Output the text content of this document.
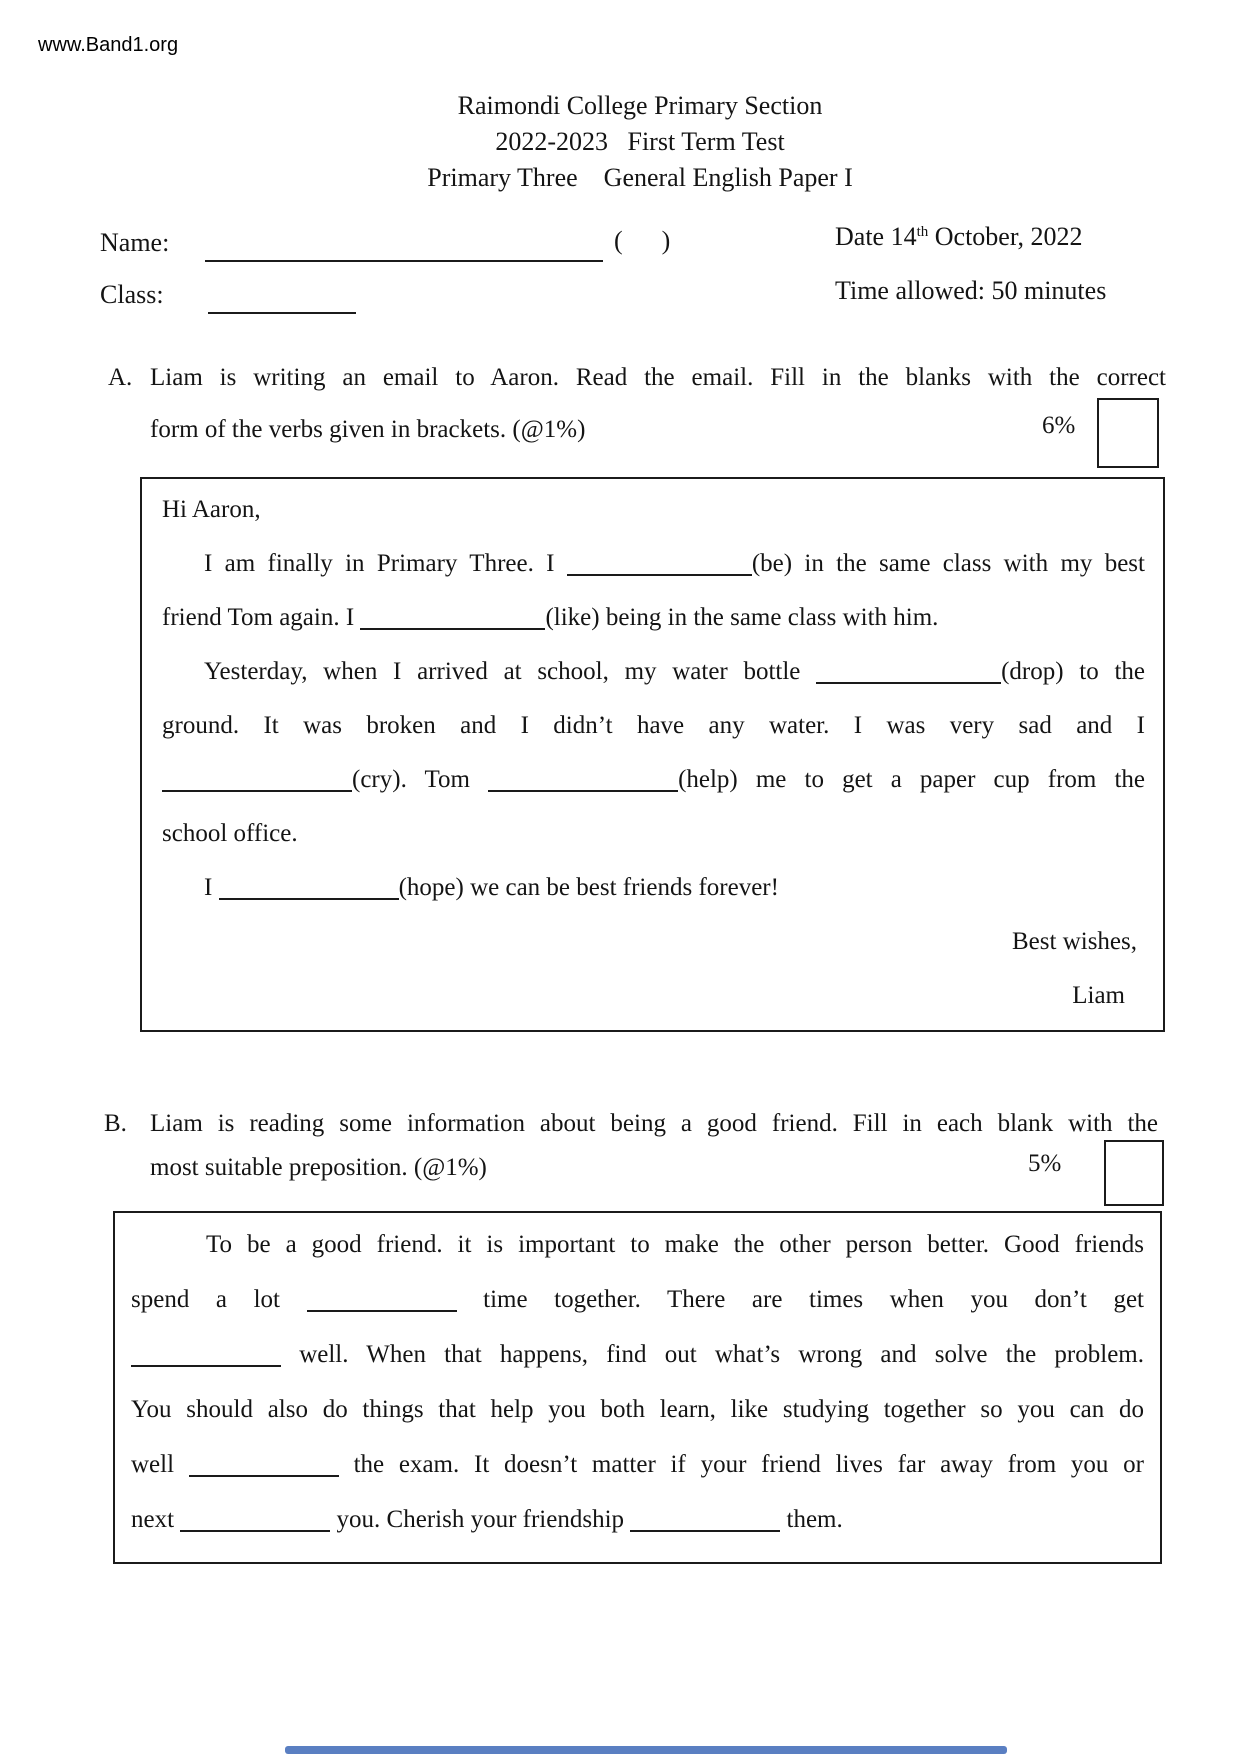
www.Band1.org
Raimondi College Primary Section
2022-2023   First Term Test
Primary Three    General English Paper I
Name:	(      )	Date 14th October, 2022
Class:	Time allowed: 50 minutes
A. Liam is writing an email to Aaron. Read the email. Fill in the blanks with the correct
form of the verbs given in brackets. (@1%)	6%
Hi Aaron,
I am finally in Primary Three. I	(be) in the same class with my best
friend Tom again. I	(like) being in the same class with him.
Yesterday, when I arrived at school, my water bottle	(drop) to the
ground. It was broken and I didn’t have any water. I was very sad and I
(cry). Tom	(help) me to get a paper cup from the
school office.
I	(hope) we can be best friends forever!
Best wishes,
Liam
B. Liam is reading some information about being a good friend. Fill in each blank with the
most suitable preposition. (@1%)	5%
To be a good friend. it is important to make the other person better. Good friends
spend a lot	time together. There are times when you don’t get
well. When that happens, find out what’s wrong and solve the problem.
You should also do things that help you both learn, like studying together so you can do
well	the exam. It doesn’t matter if your friend lives far away from you or
next	you. Cherish your friendship	them.
